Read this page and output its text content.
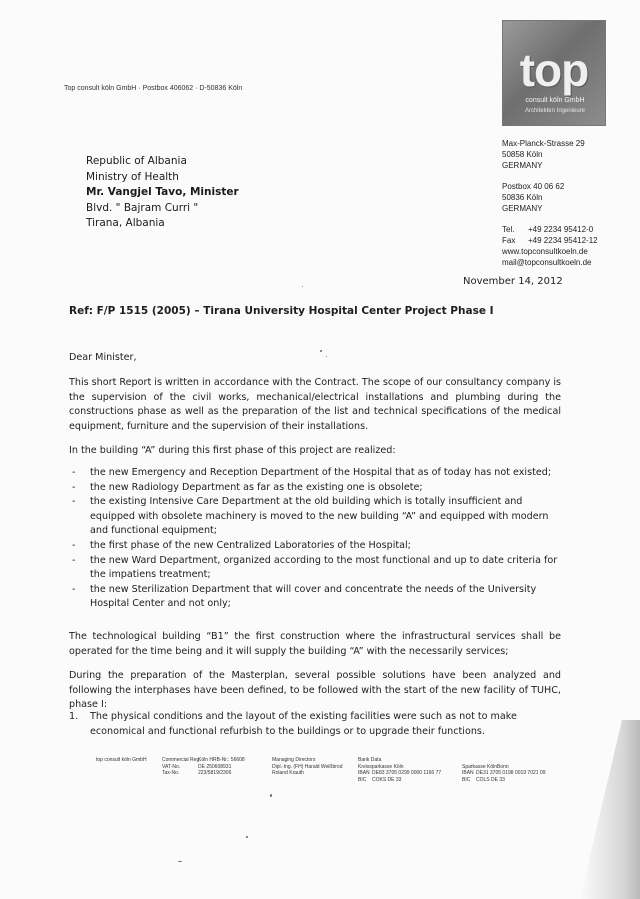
Top consult köln GmbH · Postbox 406062 · D-50836 Köln	top
consult köln GmbH
Architekten Ingenieure
Max-Planck-Strasse 29
50858 Köln
GERMANY
Postbox 40 06 62
50836 Köln
GERMANY
Tel.	+49 2234 95412-0
Fax	+49 2234 95412-12
www.topconsultkoeln.de
mail@topconsultkoeln.de
Republic of Albania
Ministry of Health
Mr. Vangjel Tavo, Minister
Blvd. " Bajram Curri "
Tirana, Albania
November 14, 2012
Ref: F/P 1515 (2005) – Tirana University Hospital Center Project Phase I
Dear Minister,
This short Report is written in accordance with the Contract. The scope of our consultancy company is the supervision of the civil works, mechanical/electrical installations and plumbing during the constructions phase as well as the preparation of the list and technical specifications of the medical equipment, furniture and the supervision of their installations.
In the building “A” during this first phase of this project are realized:
- the new Emergency and Reception Department of the Hospital that as of today has not existed;
- the new Radiology Department as far as the existing one is obsolete;
- the existing Intensive Care Department at the old building which is totally insufficient and equipped with obsolete machinery is moved to the new building “A” and equipped with modern and functional equipment;
- the first phase of the new Centralized Laboratories of the Hospital;
- the new Ward Department, organized according to the most functional and up to date criteria for the impatiens treatment;
- the new Sterilization Department that will cover and concentrate the needs of the University Hospital Center and not only;
The technological building “B1” the first construction where the infrastructural services shall be operated for the time being and it will supply the building “A” with the necessarily services;
During the preparation of the Masterplan, several possible solutions have been analyzed and following the interphases have been defined, to be followed with the start of the new facility of TUHC, phase I:
1. The physical conditions and the layout of the existing facilities were such as not to make economical and functional refurbish to the buildings or to upgrade their functions.
top consult köln GmbH	Commercial Reg.
Köln HRB-Nr.: 56608
VAT-No.	DE 250608931
Tax-No.	223/5819/2306
Managing Directors
Dipl.-Ing. (FH) Harald Weißbrod
Roland Krauth
Bank Data
Kreissparkasse Köln
IBAN DE83 3705 0299 0000 1166 77
BIC	COKS DE 33
Sparkasse KölnBonn
IBAN DE31 3705 0198 0019 7021 09
BIC	COLS DE 33
